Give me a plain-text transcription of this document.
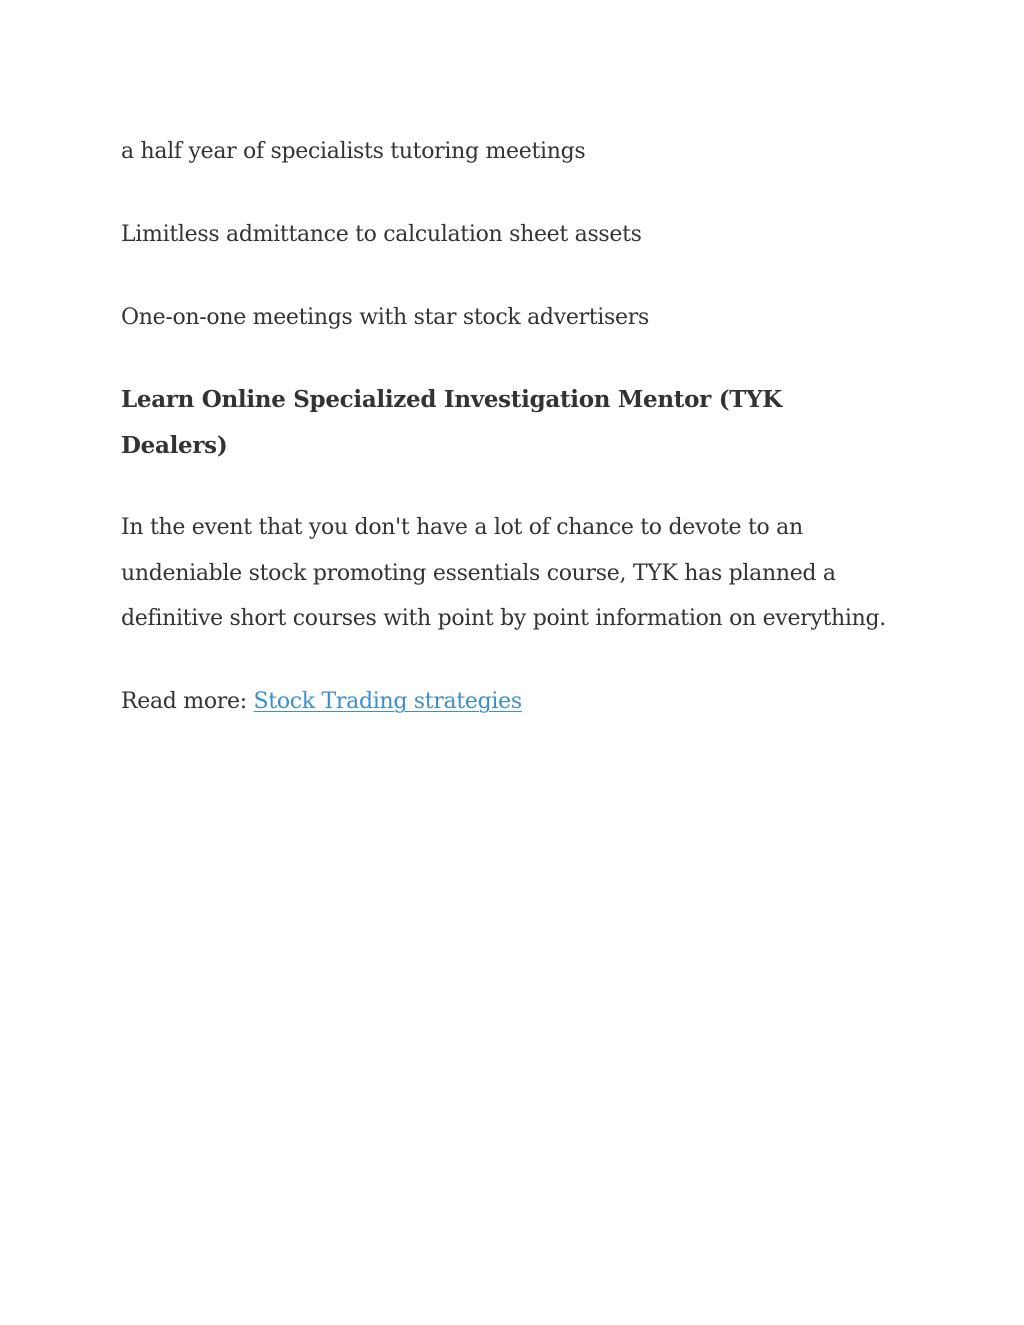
a half year of specialists tutoring meetings
Limitless admittance to calculation sheet assets
One-on-one meetings with star stock advertisers
Learn Online Specialized Investigation Mentor (TYK
Dealers)
In the event that you don't have a lot of chance to devote to an
undeniable stock promoting essentials course, TYK has planned a
definitive short courses with point by point information on everything.
Read more: Stock Trading strategies
